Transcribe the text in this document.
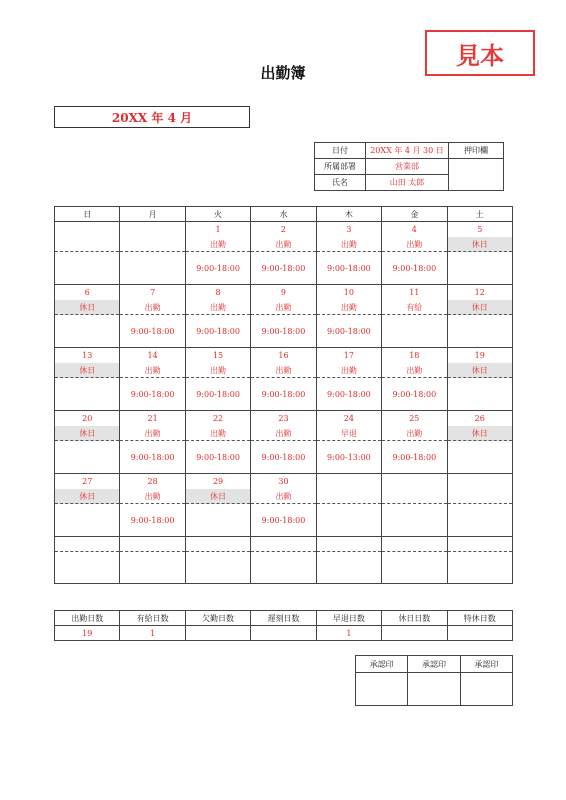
見本
出勤簿
20XX 年 4 月
日付	20XX 年 4 月 30 日	押印欄
所属部署	営業部	
氏名	山田 太郎	
日	月	火	水	木	金	土
		1	2	3	4	5
		出勤	出勤	出勤	出勤	休日
		9:00-18:00	9:00-18:00	9:00-18:00	9:00-18:00	
6	7	8	9	10	11	12
休日	出勤	出勤	出勤	出勤	有給	休日
	9:00-18:00	9:00-18:00	9:00-18:00	9:00-18:00		
13	14	15	16	17	18	19
休日	出勤	出勤	出勤	出勤	出勤	休日
	9:00-18:00	9:00-18:00	9:00-18:00	9:00-18:00	9:00-18:00	
20	21	22	23	24	25	26
休日	出勤	出勤	出勤	早退	出勤	休日
	9:00-18:00	9:00-18:00	9:00-18:00	9:00-13:00	9:00-18:00	
27	28	29	30			
休日	出勤	休日	出勤			
	9:00-18:00		9:00-18:00			

出勤日数	有給日数	欠勤日数	遅刻日数	早退日数	休日日数	特休日数
19	1			1		
承認印	承認印	承認印
